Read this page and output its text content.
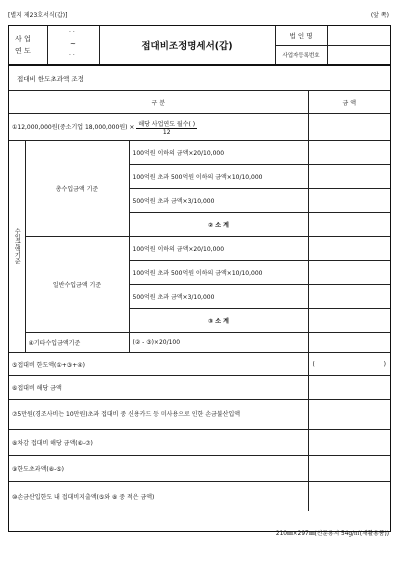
[별지 제23호서식(갑)]	(앞 쪽)
사 업
연 도
· ·
~
· ·
접대비조정명세서(갑)
법 인 명
사업자등록번호
접대비 한도초과액 조정
구 분			금 액
①12,000,000원(중소기업 18,000,000원) × $\frac{\text{해당 사업연도 월수( )}}{12}$

수입금액기준	총수입금액 기준	100억원 이하의 금액×20/10,000	
		100억원 초과 500억원 이하의 금액×10/10,000	
		500억원 초과 금액×3/10,000	
		② 소 계	
	일반수입금액 기준	100억원 이하의 금액×20/10,000	
		100억원 초과 500억원 이하의 금액×10/10,000	
		500억원 초과 금액×3/10,000	
		③ 소 계	
	④기타수입금액기준	(② - ③)×20/100	
⑤접대비 한도액(①+③+④)			( )

⑥접대비 해당 금액			
⑦5만원(경조사비는 10만원)초과 접대비 중 신용카드 등 미사용으로 인한 손금불산입액			
⑧차감 접대비 해당 금액(⑥-⑦)			
⑨한도초과액(⑧-⑤)			
⑩손금산입한도 내 접대비지출액(⑤와 ⑧ 중 적은 금액)			
210㎜×297㎜(신문용지 54g/㎡(재활용품))
